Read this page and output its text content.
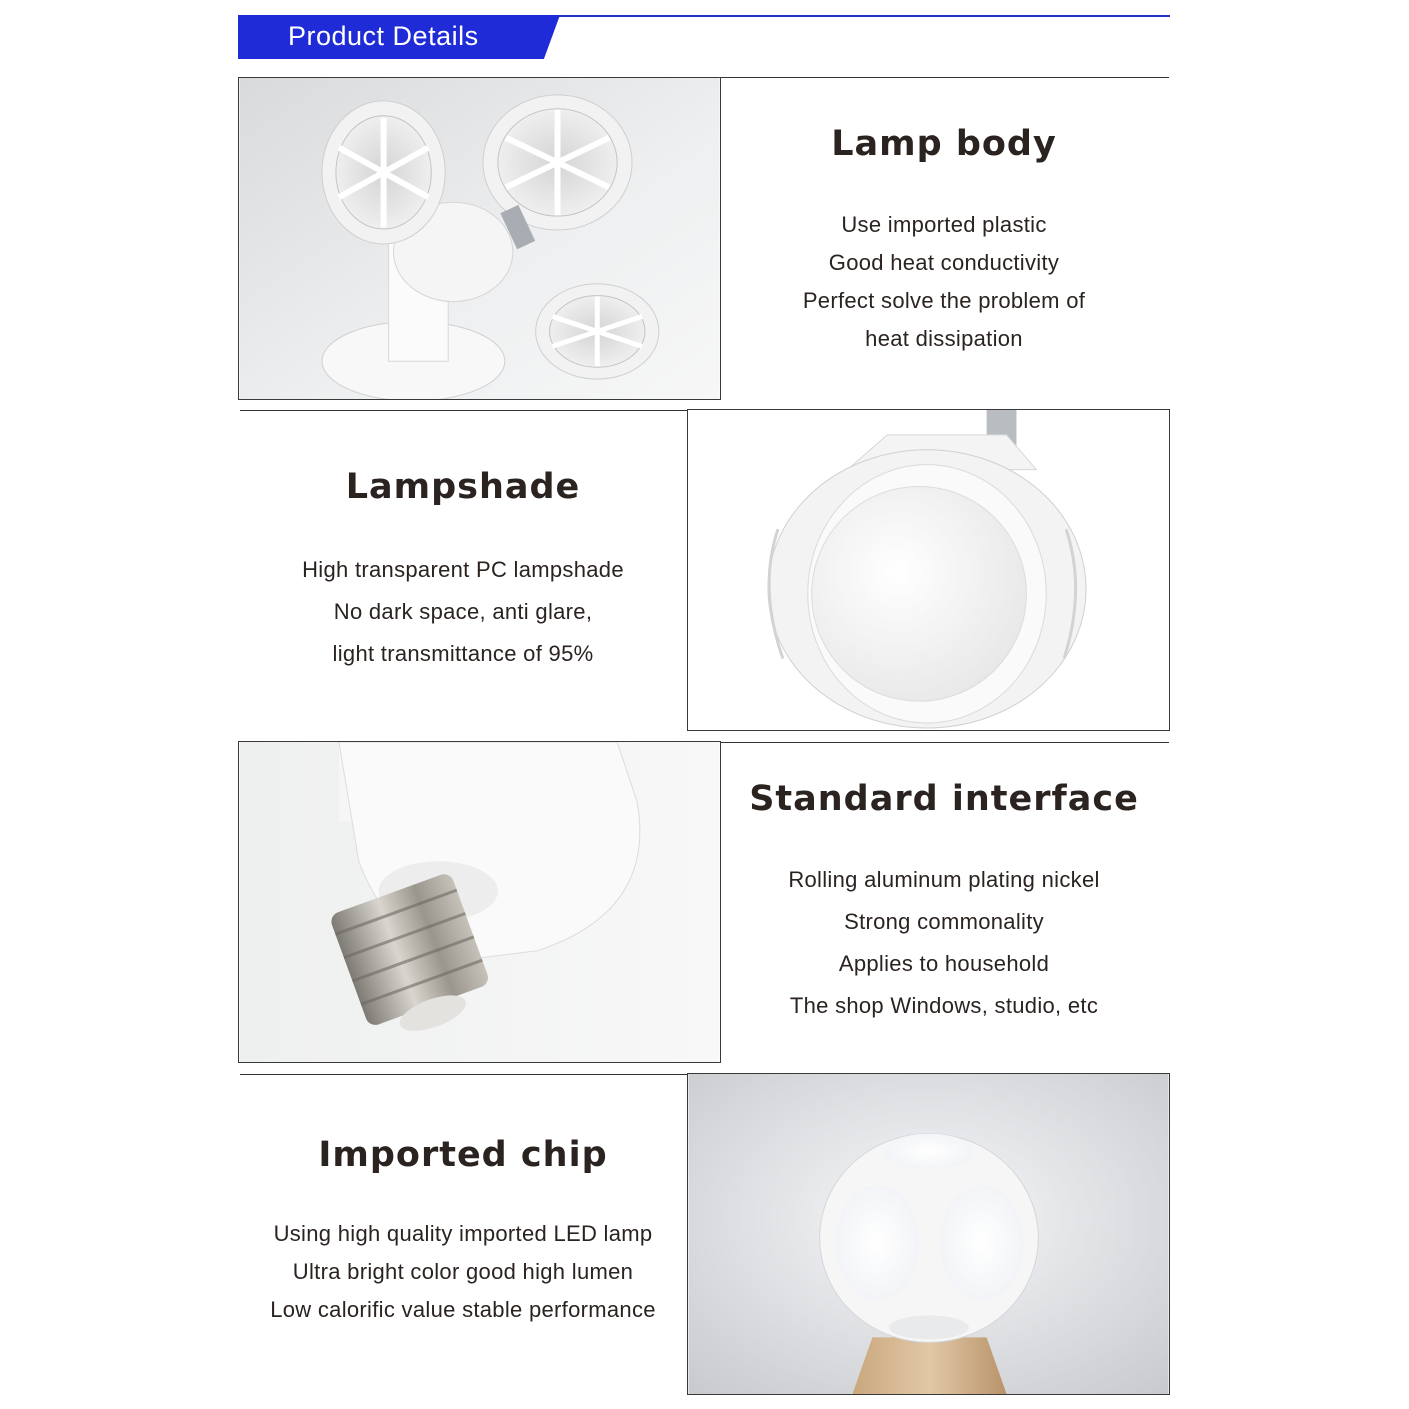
Product Details
Lamp body
Use imported plastic
Good heat conductivity
Perfect solve the problem of
heat dissipation
Lampshade
High transparent PC lampshade
No dark space, anti glare,
light transmittance of 95%
Standard interface
Rolling aluminum plating nickel
Strong commonality
Applies to household
The shop Windows, studio, etc
Imported chip
Using high quality imported LED lamp
Ultra bright color good high lumen
Low calorific value stable performance
